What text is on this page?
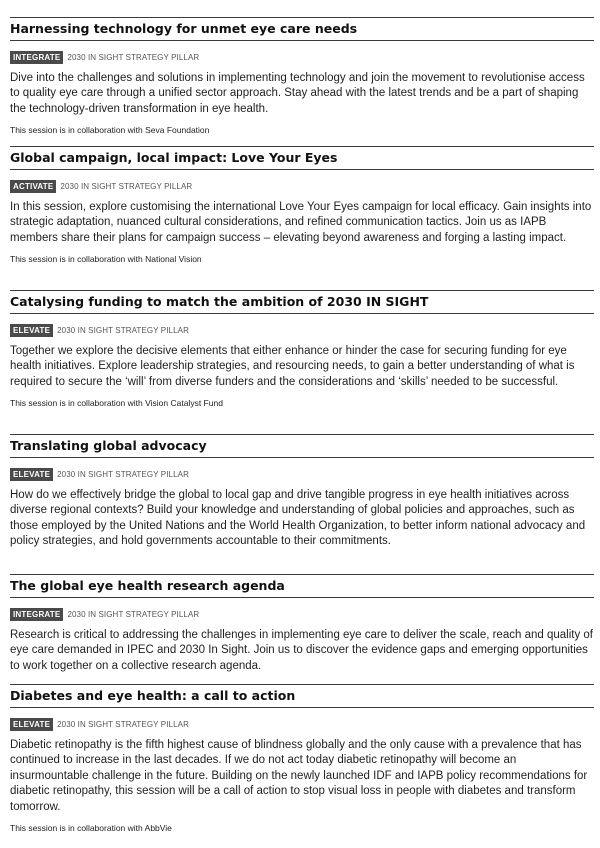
Harnessing technology for unmet eye care needs
INTEGRATE 2030 IN SIGHT STRATEGY PILLAR
Dive into the challenges and solutions in implementing technology and join the movement to revolutionise access to quality eye care through a unified sector approach. Stay ahead with the latest trends and be a part of shaping the technology-driven transformation in eye health.
This session is in collaboration with Seva Foundation
Global campaign, local impact: Love Your Eyes
ACTIVATE 2030 IN SIGHT STRATEGY PILLAR
In this session, explore customising the international Love Your Eyes campaign for local efficacy. Gain insights into strategic adaptation, nuanced cultural considerations, and refined communication tactics. Join us as IAPB members share their plans for campaign success – elevating beyond awareness and forging a lasting impact.
This session is in collaboration with National Vision
Catalysing funding to match the ambition of 2030 IN SIGHT
ELEVATE 2030 IN SIGHT STRATEGY PILLAR
Together we explore the decisive elements that either enhance or hinder the case for securing funding for eye health initiatives. Explore leadership strategies, and resourcing needs, to gain a better understanding of what is required to secure the ‘will’ from diverse funders and the considerations and ‘skills’ needed to be successful.
This session is in collaboration with Vision Catalyst Fund
Translating global advocacy
ELEVATE 2030 IN SIGHT STRATEGY PILLAR
How do we effectively bridge the global to local gap and drive tangible progress in eye health initiatives across diverse regional contexts? Build your knowledge and understanding of global policies and approaches, such as those employed by the United Nations and the World Health Organization, to better inform national advocacy and policy strategies, and hold governments accountable to their commitments.
The global eye health research agenda
INTEGRATE 2030 IN SIGHT STRATEGY PILLAR
Research is critical to addressing the challenges in implementing eye care to deliver the scale, reach and quality of eye care demanded in IPEC and 2030 In Sight. Join us to discover the evidence gaps and emerging opportunities to work together on a collective research agenda.
Diabetes and eye health: a call to action
ELEVATE 2030 IN SIGHT STRATEGY PILLAR
Diabetic retinopathy is the fifth highest cause of blindness globally and the only cause with a prevalence that has continued to increase in the last decades. If we do not act today diabetic retinopathy will become an insurmountable challenge in the future. Building on the newly launched IDF and IAPB policy recommendations for diabetic retinopathy, this session will be a call of action to stop visual loss in people with diabetes and transform tomorrow.
This session is in collaboration with AbbVie
